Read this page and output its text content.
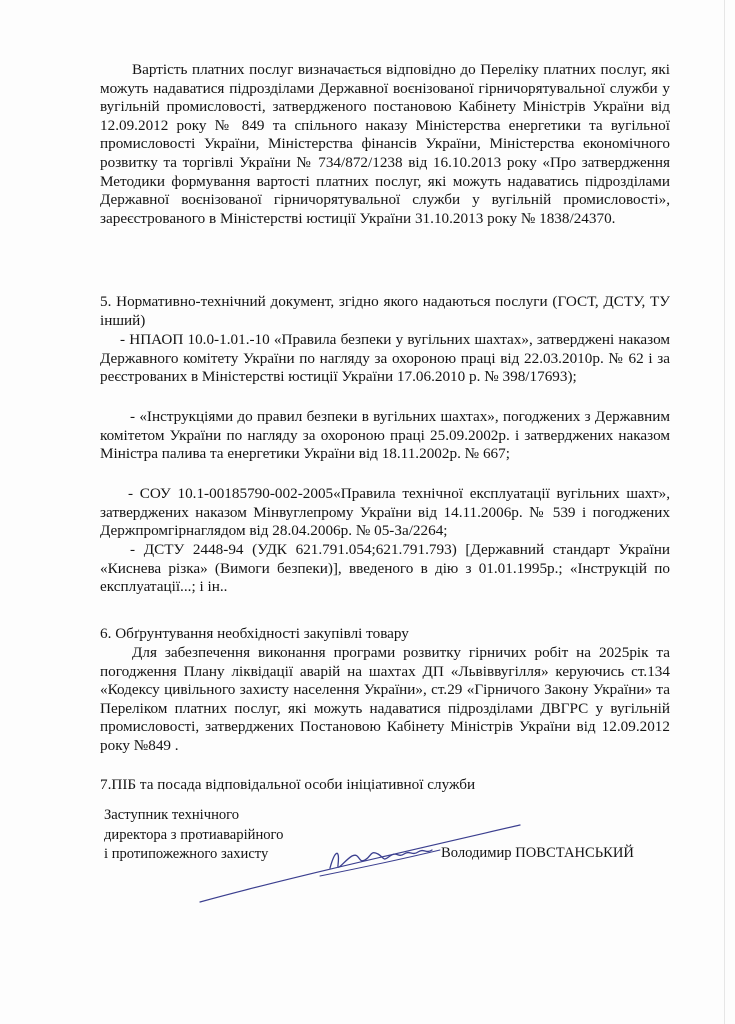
Вартість платних послуг визначається відповідно до Переліку платних послуг, які можуть надаватися підрозділами Державної воєнізованої гірничорятувальної служби у вугільній промисловості, затвердженого постановою Кабінету Міністрів України від 12.09.2012 року № 849 та спільного наказу Міністерства енергетики та вугільної промисловості України, Міністерства фінансів України, Міністерства економічного розвитку та торгівлі України № 734/872/1238 від 16.10.2013 року «Про затвердження Методики формування вартості платних послуг, які можуть надаватись підрозділами Державної воєнізованої гірничорятувальної служби у вугільній промисловості», зареєстрованого в Міністерстві юстиції України 31.10.2013 року № 1838/24370.
5. Нормативно-технічний документ, згідно якого надаються послуги (ГОСТ, ДСТУ, ТУ інший)
- НПАОП 10.0-1.01.-10 «Правила безпеки у вугільних шахтах», затверджені наказом Державного комітету України по нагляду за охороною праці від 22.03.2010р. № 62 і за реєстрованих в Міністерстві юстиції України 17.06.2010 р. № 398/17693);
- «Інструкціями до правил безпеки в вугільних шахтах», погоджених з Державним комітетом України по нагляду за охороною праці 25.09.2002р. і затверджених наказом Міністра палива та енергетики України від 18.11.2002р. № 667;
- СОУ 10.1-00185790-002-2005«Правила технічної експлуатації вугільних шахт», затверджених наказом Мінвуглепрому України від 14.11.2006р. № 539 і погоджених Держпромгірнаглядом від 28.04.2006р. № 05-За/2264;
- ДСТУ 2448-94 (УДК 621.791.054;621.791.793) [Державний стандарт України «Киснева різка» (Вимоги безпеки)], введеного в дію з 01.01.1995р.; «Інструкцій по експлуатації...; і ін..
6. Обґрунтування необхідності закупівлі товару
Для забезпечення виконання програми розвитку гірничих робіт на 2025рік та погодження Плану ліквідації аварій на шахтах ДП «Львіввугілля» керуючись ст.134 «Кодексу цивільного захисту населення України», ст.29 «Гірничого Закону України» та Переліком платних послуг, які можуть надаватися підрозділами ДВГРС у вугільній промисловості, затверджених Постановою Кабінету Міністрів України від 12.09.2012 року №849 .
7.ПІБ та посада відповідальної особи ініціативної служби
Заступник технічного
директора з протиаварійного
і протипожежного захисту	Володимир ПОВСТАНСЬКИЙ
